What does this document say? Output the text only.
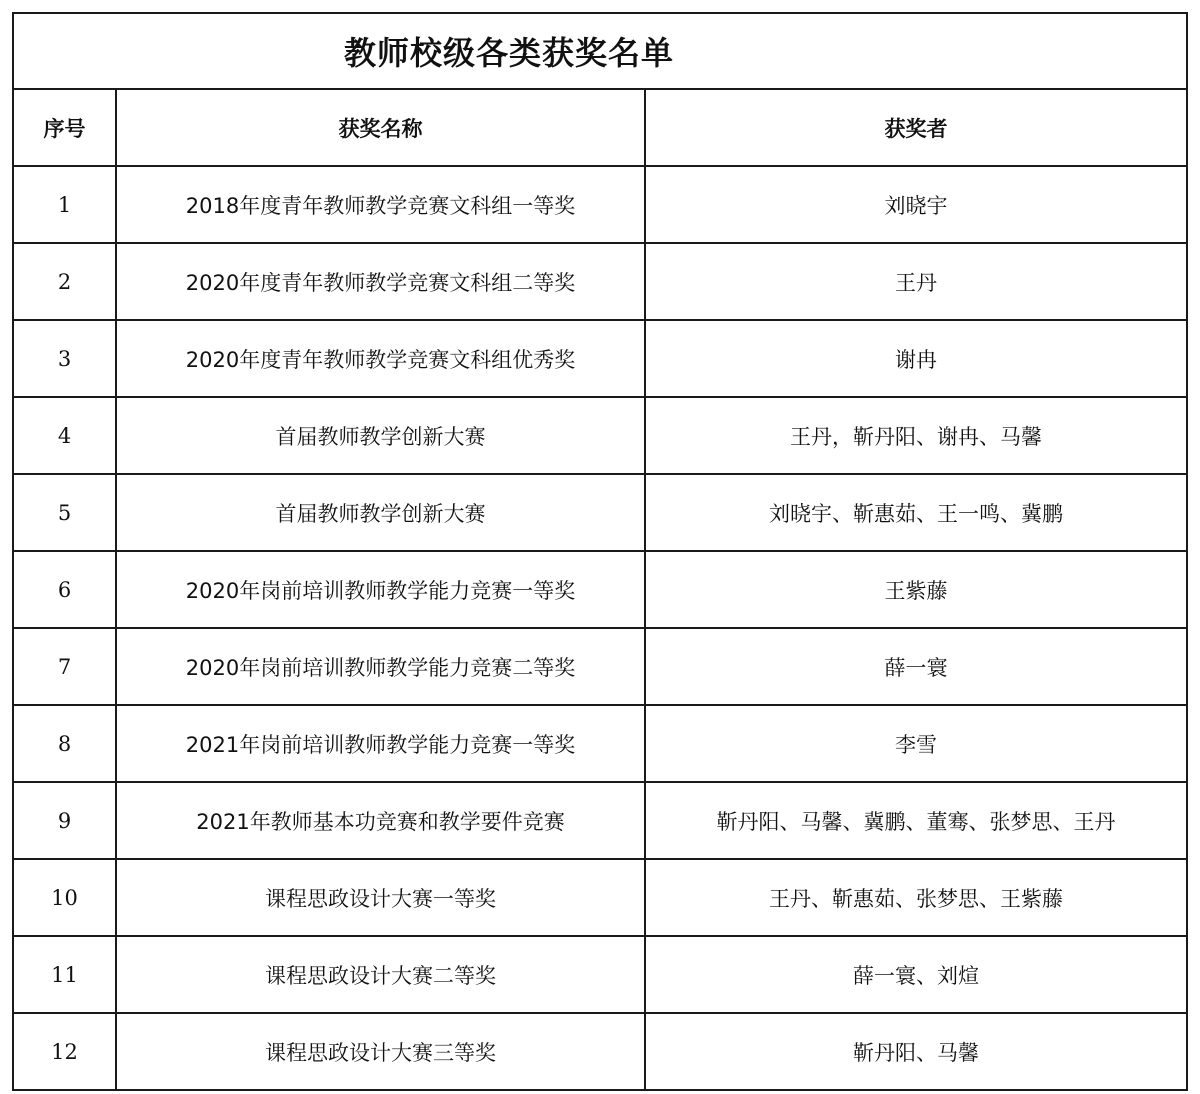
教师校级各类获奖名单		
序号	获奖名称	获奖者
1	2018年度青年教师教学竞赛文科组一等奖	刘晓宇
2	2020年度青年教师教学竞赛文科组二等奖	王丹
3	2020年度青年教师教学竞赛文科组优秀奖	谢冉
4	首届教师教学创新大赛	王丹，靳丹阳、谢冉、马馨
5	首届教师教学创新大赛	刘晓宇、靳惠茹、王一鸣、冀鹏
6	2020年岗前培训教师教学能力竞赛一等奖	王紫藤
7	2020年岗前培训教师教学能力竞赛二等奖	薛一寰
8	2021年岗前培训教师教学能力竞赛一等奖	李雪
9	2021年教师基本功竞赛和教学要件竞赛	靳丹阳、马馨、冀鹏、董骞、张梦思、王丹
10	课程思政设计大赛一等奖	王丹、靳惠茹、张梦思、王紫藤
11	课程思政设计大赛二等奖	薛一寰、刘煊
12	课程思政设计大赛三等奖	靳丹阳、马馨
